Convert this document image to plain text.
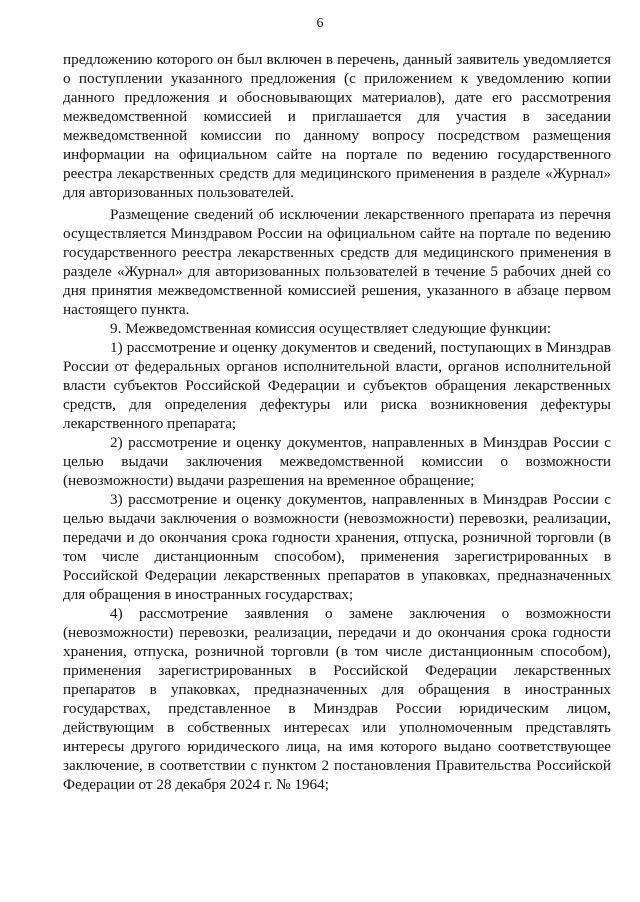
6

предложению которого он был включен в перечень, данный заявитель уведомляется о поступлении указанного предложения (с приложением к уведомлению копии данного предложения и обосновывающих материалов), дате его рассмотрения межведомственной комиссией и приглашается для участия в заседании межведомственной комиссии по данному вопросу посредством размещения информации на официальном сайте на портале по ведению государственного реестра лекарственных средств для медицинского применения в разделе «Журнал» для авторизованных пользователей.

Размещение сведений об исключении лекарственного препарата из перечня осуществляется Минздравом России на официальном сайте на портале по ведению государственного реестра лекарственных средств для медицинского применения в разделе «Журнал» для авторизованных пользователей в течение 5 рабочих дней со дня принятия межведомственной комиссией решения, указанного в абзаце первом настоящего пункта.

9. Межведомственная комиссия осуществляет следующие функции:

1) рассмотрение и оценку документов и сведений, поступающих в Минздрав России от федеральных органов исполнительной власти, органов исполнительной власти субъектов Российской Федерации и субъектов обращения лекарственных средств, для определения дефектуры или риска возникновения дефектуры лекарственного препарата;

2) рассмотрение и оценку документов, направленных в Минздрав России с целью выдачи заключения межведомственной комиссии о возможности (невозможности) выдачи разрешения на временное обращение;

3) рассмотрение и оценку документов, направленных в Минздрав России с целью выдачи заключения о возможности (невозможности) перевозки, реализации, передачи и до окончания срока годности хранения, отпуска, розничной торговли (в том числе дистанционным способом), применения зарегистрированных в Российской Федерации лекарственных препаратов в упаковках, предназначенных для обращения в иностранных государствах;

4) рассмотрение заявления о замене заключения о возможности (невозможности) перевозки, реализации, передачи и до окончания срока годности хранения, отпуска, розничной торговли (в том числе дистанционным способом), применения зарегистрированных в Российской Федерации лекарственных препаратов в упаковках, предназначенных для обращения в иностранных государствах, представленное в Минздрав России юридическим лицом, действующим в собственных интересах или уполномоченным представлять интересы другого юридического лица, на имя которого выдано соответствующее заключение, в соответствии с пунктом 2 постановления Правительства Российской Федерации от 28 декабря 2024 г. № 1964;
